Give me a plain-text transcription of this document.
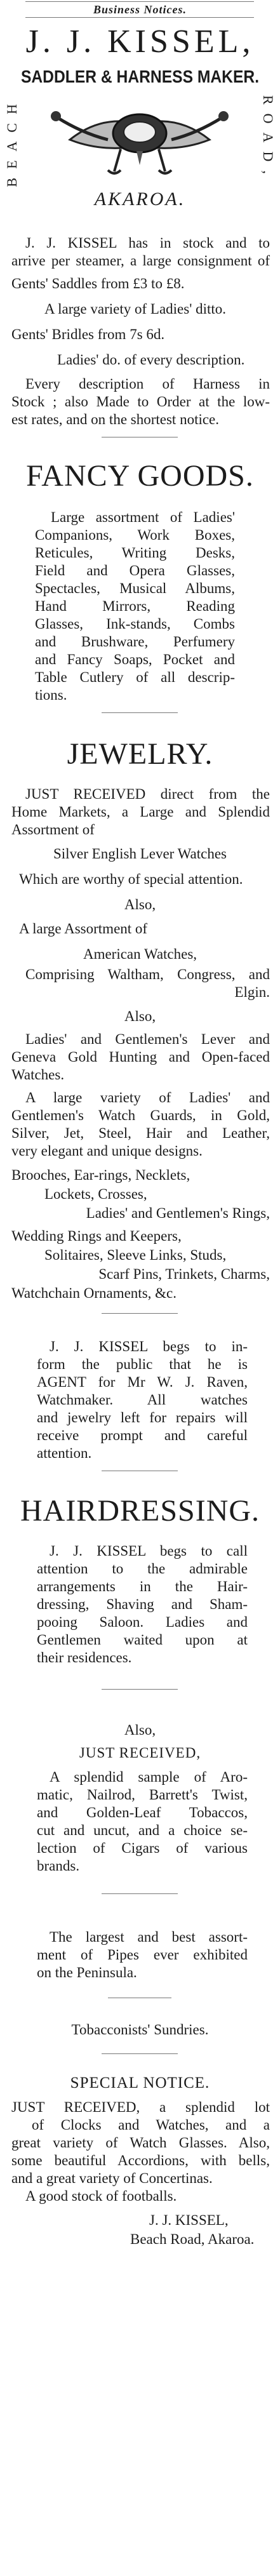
Business Notices.
J. J. KISSEL,
SADDLER & HARNESS MAKER.
BEACH	ROAD,
AKAROA.
J. J. KISSEL has in stock and to
arrive per steamer, a large consignment of
Gents' Saddles from £3 to £8.
A large variety of Ladies' ditto.
Gents' Bridles from 7s 6d.
Ladies' do. of every description.
Every description of Harness in
Stock ; also Made to Order at the low-
est rates, and on the shortest notice.
FANCY GOODS.
Large assortment of Ladies'
Companions, Work Boxes,
Reticules, Writing Desks,
Field and Opera Glasses,
Spectacles, Musical Albums,
Hand Mirrors, Reading
Glasses, Ink-stands, Combs
and Brushware, Perfumery
and Fancy Soaps, Pocket and
Table Cutlery of all descrip-
tions.
JEWELRY.
JUST RECEIVED direct from the
Home Markets, a Large and Splendid
Assortment of
Silver English Lever Watches
Which are worthy of special attention.
Also,
A large Assortment of
American Watches,
Comprising Waltham, Congress, and
Elgin.
Also,
Ladies' and Gentlemen's Lever and
Geneva Gold Hunting and Open-faced
Watches.
A large variety of Ladies' and
Gentlemen's Watch Guards, in Gold,
Silver, Jet, Steel, Hair and Leather,
very elegant and unique designs.
Brooches, Ear-rings, Necklets,
Lockets, Crosses,
Ladies' and Gentlemen's Rings,
Wedding Rings and Keepers,
Solitaires, Sleeve Links, Studs,
Scarf Pins, Trinkets, Charms,
Watchchain Ornaments, &c.
J. J. KISSEL begs to in-
form the public that he is
AGENT for Mr W. J. Raven,
Watchmaker. All watches
and jewelry left for repairs will
receive prompt and careful
attention.
HAIRDRESSING.
J. J. KISSEL begs to call
attention to the admirable
arrangements in the Hair-
dressing, Shaving and Sham-
pooing Saloon. Ladies and
Gentlemen waited upon at
their residences.
Also,
JUST RECEIVED,
A splendid sample of Aro-
matic, Nailrod, Barrett's Twist,
and Golden-Leaf Tobaccos,
cut and uncut, and a choice se-
lection of Cigars of various
brands.
The largest and best assort-
ment of Pipes ever exhibited
on the Peninsula.
Tobacconists' Sundries.
SPECIAL NOTICE.
JUST RECEIVED, a splendid lot
of Clocks and Watches, and a
great variety of Watch Glasses. Also,
some beautiful Accordions, with bells,
and a great variety of Concertinas.
A good stock of footballs.
J. J. KISSEL,
Beach Road, Akaroa.
